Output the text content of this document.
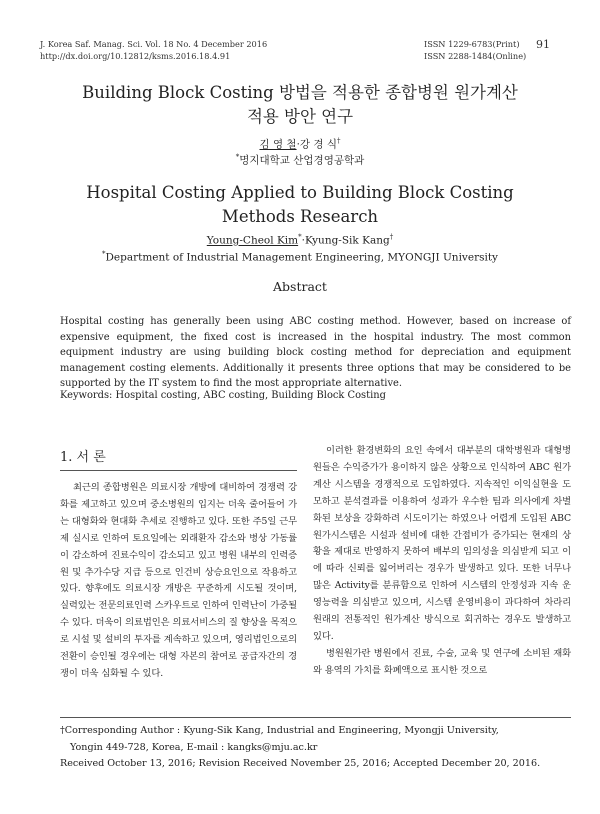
J. Korea Saf. Manag. Sci. Vol. 18 No. 4 December 2016
http://dx.doi.org/10.12812/ksms.2016.18.4.91
ISSN 1229-6783(Print)
ISSN 2288-1484(Online)
91
Building Block Costing 방법을 적용한 종합병원 원가계산
적용 방안 연구
김 영 철·강 경 식†
*명지대학교 산업경영공학과
Hospital Costing Applied to Building Block Costing
Methods Research
Young-Cheol Kim*·Kyung-Sik Kang†
*Department of Industrial Management Engineering, MYONGJI University
Abstract
Hospital costing has generally been using ABC costing method. However, based on increase of expensive equipment, the fixed cost is increased in the hospital industry. The most common equipment industry are using building block costing method for depreciation and equipment management costing elements. Additionally it presents three options that may be considered to be supported by the IT system to find the most appropriate alternative.
Keywords: Hospital costing, ABC costing, Building Block Costing
1. 서 론

최근의 종합병원은 의료시장 개방에 대비하여 경쟁력 강화를 제고하고 있으며 중소병원의 입지는 더욱 줄어들어 가는 대형화와 현대화 추세로 진행하고 있다. 또한 주5일 근무제 실시로 인하여 토요일에는 외래환자 감소와 병상 가동률이 감소하여 진료수익이 감소되고 있고 병원 내부의 인력증원 및 추가수당 지급 등으로 인건비 상승요인으로 작용하고 있다. 향후에도 의료시장 개방은 꾸준하게 시도될 것이며, 실력있는 전문의료인력 스카우트로 인하여 인력난이 가중될 수 있다. 더욱이 의료법인은 의료서비스의 질 향상을 목적으로 시설 및 설비의 투자를 계속하고 있으며, 영리법인으로의 전환이 승인될 경우에는 대형 자본의 참여로 공급자간의 경쟁이 더욱 심화될 수 있다.

이러한 환경변화의 요인 속에서 대부분의 대학병원과 대형병원들은 수익증가가 용이하지 않은 상황으로 인식하여 ABC 원가계산 시스템을 경쟁적으로 도입하였다. 지속적인 이익실현을 도모하고 분석결과를 이용하여 성과가 우수한 팀과 의사에게 차별화된 보상을 강화하려 시도이기는 하였으나 어렵게 도입된 ABC 원가시스템은 시설과 설비에 대한 간접비가 증가되는 현재의 상황을 제대로 반영하지 못하여 배부의 임의성을 의심받게 되고 이에 따라 신뢰를 잃어버리는 경우가 발생하고 있다. 또한 너무나 많은 Activity를 분류함으로 인하여 시스템의 안정성과 지속 운영능력을 의심받고 있으며, 시스템 운영비용이 과다하여 차라리 원래의 전통적인 원가계산 방식으로 회귀하는 경우도 발생하고 있다.

병원원가란 병원에서 진료, 수술, 교육 및 연구에 소비된 재화 와 용역의 가치를 화폐액으로 표시한 것으로

†Corresponding Author : Kyung-Sik Kang, Industrial and Engineering, Myongji University,
Yongin 449-728, Korea, E-mail : kangks@mju.ac.kr
Received October 13, 2016; Revision Received November 25, 2016; Accepted December 20, 2016.
